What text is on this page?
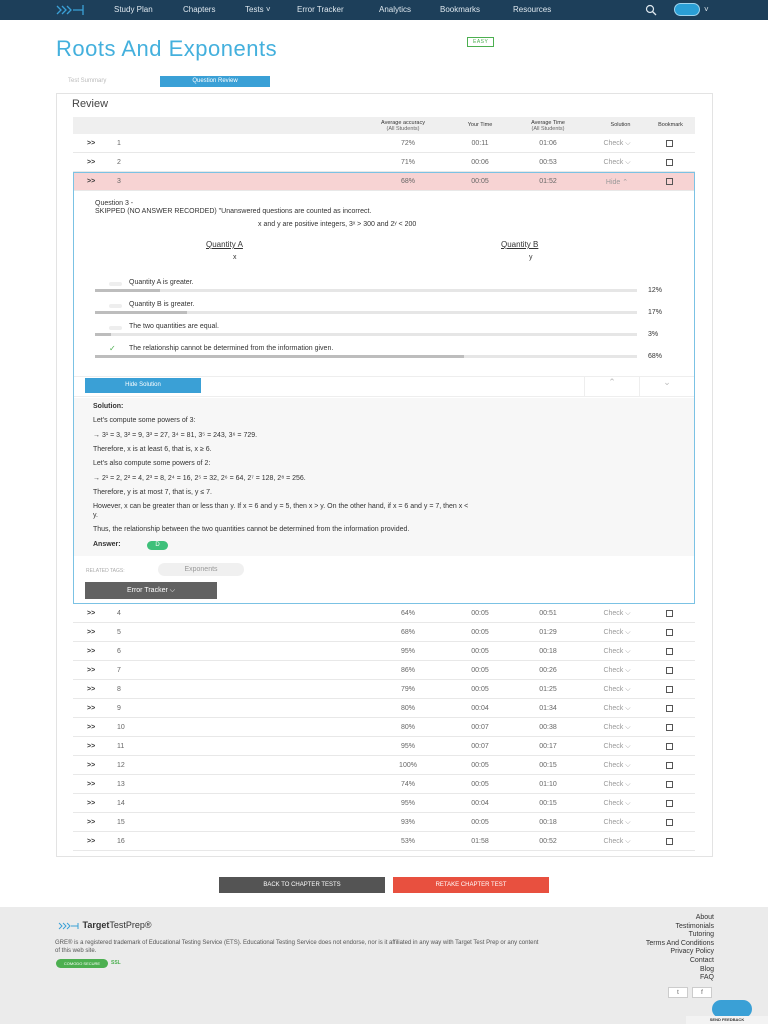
Study Plan	Chapters	Tests ˅	Error Tracker	Analytics	Bookmarks	Resources	˅
Roots And Exponents	EASY
Test Summary	Question Review
Review
Average accuracy
(All Students)
Your Time	Average Time
(All Students)
Solution	Bookmark
>>	1	72%	00:11	01:06	Check ⌵
>>	2	71%	00:06	00:53	Check ⌵
>>	3	68%	00:05	01:52	Hide ⌃
>>	4	64%	00:05	00:51	Check ⌵
>>	5	68%	00:05	01:29	Check ⌵
>>	6	95%	00:05	00:18	Check ⌵
>>	7	86%	00:05	00:26	Check ⌵
>>	8	79%	00:05	01:25	Check ⌵
>>	9	80%	00:04	01:34	Check ⌵
>>	10	80%	00:07	00:38	Check ⌵
>>	11	95%	00:07	00:17	Check ⌵
>>	12	100%	00:05	00:15	Check ⌵
>>	13	74%	00:05	01:10	Check ⌵
>>	14	95%	00:04	00:15	Check ⌵
>>	15	93%	00:05	00:18	Check ⌵
>>	16	53%	01:58	00:52	Check ⌵
Question 3 -
SKIPPED (NO ANSWER RECORDED) "Unanswered questions are counted as incorrect.
x and y are positive integers, 3ˣ > 300 and 2ʸ < 200
Quantity A	Quantity B
x	y
Quantity A is greater.
12%
Quantity B is greater.
17%
The two quantities are equal.
3%
✓ The relationship cannot be determined from the information given.
68%
Hide Solution	⌃	⌄
Solution:
Let's compute some powers of 3:
→ 3¹ = 3, 3² = 9, 3³ = 27, 3⁴ = 81, 3⁵ = 243, 3⁶ = 729.
Therefore, x is at least 6, that is, x ≥ 6.
Let's also compute some powers of 2:
→ 2¹ = 2, 2² = 4, 2³ = 8, 2⁴ = 16, 2⁵ = 32, 2⁶ = 64, 2⁷ = 128, 2⁸ = 256.
Therefore, y is at most 7, that is, y ≤ 7.
However, x can be greater than or less than y. If x = 6 and y = 5, then x > y. On the other hand, if x = 6 and y = 7, then x <
y.
Thus, the relationship between the two quantities cannot be determined from the information provided.
Answer:	D
RELATED TAGS:	Exponents
Error Tracker ⌵
BACK TO CHAPTER TESTS	RETAKE CHAPTER TEST
TargetTestPrep®
GRE® is a registered trademark of Educational Testing Service (ETS). Educational Testing Service does not endorse, nor is it affiliated in any way with Target Test Prep or any content of this web site.
COMODO SECURE	SSL
About
Testimonials
Tutoring
Terms And Conditions
Privacy Policy
Contact
Blog
FAQ
t	f
SEND FEEDBACK
